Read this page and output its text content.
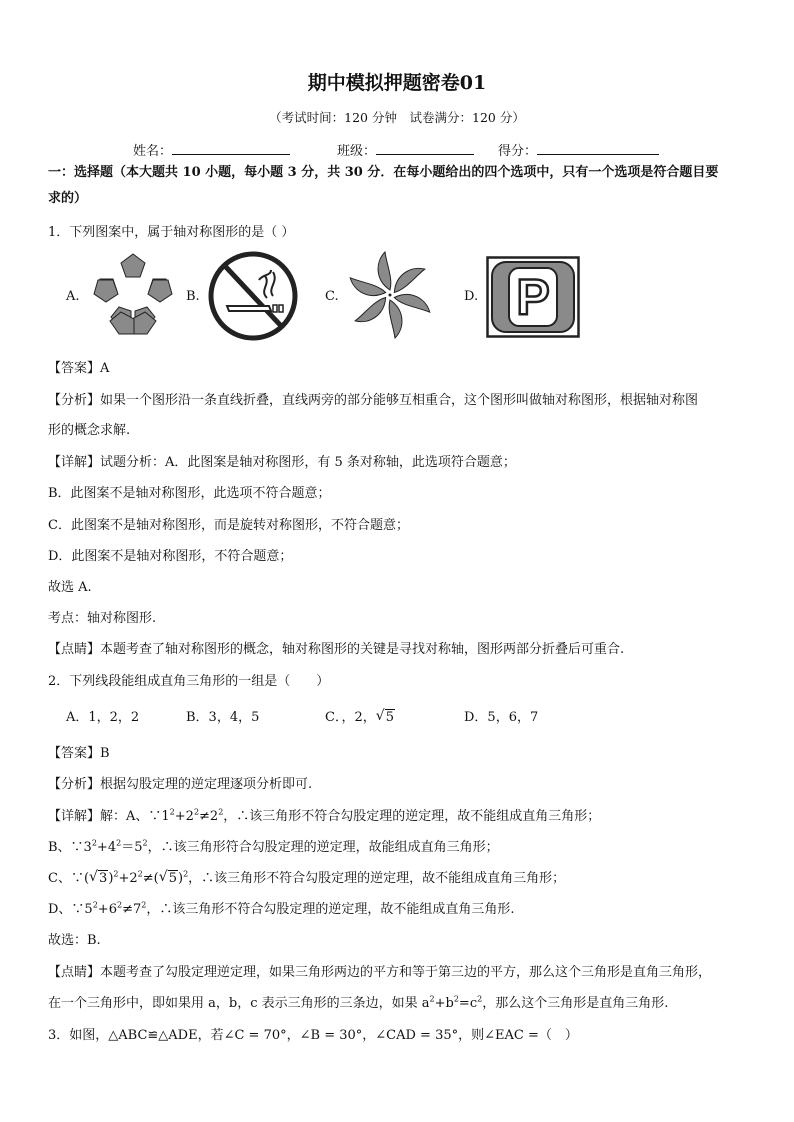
期中模拟押题密卷01
（考试时间：120 分钟　试卷满分：120 分）
姓名：	班级：	得分：
一：选择题（本大题共 10 小题，每小题 3 分，共 30 分．在每小题给出的四个选项中，只有一个选项是符合题目要
求的）
1．下列图案中，属于轴对称图形的是（ ）
A.	B.	C.	D. P
【答案】A
【分析】如果一个图形沿一条直线折叠，直线两旁的部分能够互相重合，这个图形叫做轴对称图形，根据轴对称图
形的概念求解.
【详解】试题分析：A．此图案是轴对称图形，有 5 条对称轴，此选项符合题意；
B．此图案不是轴对称图形，此选项不符合题意；
C．此图案不是轴对称图形，而是旋转对称图形，不符合题意；
D．此图案不是轴对称图形，不符合题意；
故选 A.
考点：轴对称图形.
【点睛】本题考查了轴对称图形的概念，轴对称图形的关键是寻找对称轴，图形两部分折叠后可重合.
2．下列线段能组成直角三角形的一组是（　　）
A．1，2，2	B．3，4，5	C．，2， √ 5	D．5，6，7
【答案】B
【分析】根据勾股定理的逆定理逐项分析即可.
【详解】解：A、$\because 1^2+2^2\ne 2^2$，∴该三角形不符合勾股定理的逆定理，故不能组成直角三角形；
B、$\because 3^2+4^2=5^2$，∴该三角形符合勾股定理的逆定理，故能组成直角三角形；
C、∵( √ $3)^2+2^2\ne$( √ 5)$^2$，∴该三角形不符合勾股定理的逆定理，故不能组成直角三角形；
D、$\because 5^2+6^2\ne 7^2$，∴该三角形不符合勾股定理的逆定理，故不能组成直角三角形.
故选：B.
【点睛】本题考查了勾股定理逆定理，如果三角形两边的平方和等于第三边的平方，那么这个三角形是直角三角形，
在一个三角形中，即如果用 a，b，c 表示三角形的三条边，如果 $a^2+b^2=c^2$，那么这个三角形是直角三角形.
3．如图，△ABC≌△ADE，若∠C = 70°，∠B = 30°，∠CAD = 35°，则∠EAC =（　）
